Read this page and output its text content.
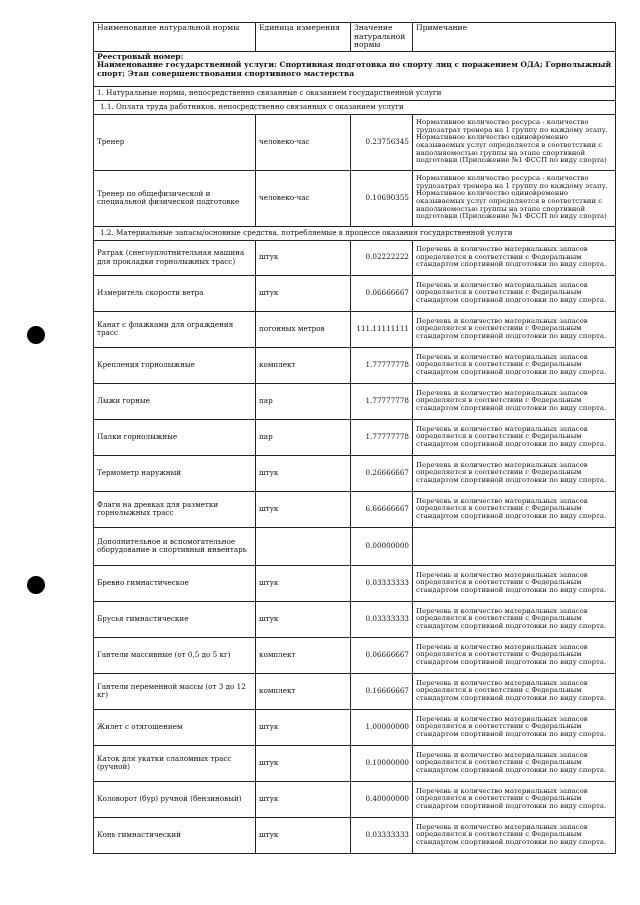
Наименование натуральной нормы	Единица измерения	Значение натуральной нормы	Примечание

Реестровый номер:
Наименование государственной услуги: Спортивная подготовка по спорту лиц с поражением ОДА; Горнолыжный спорт; Этап совершенствования спортивного мастерства			

1. Натуральные нормы, непосредственно связанные с оказанием государственной услуги			
1.1. Оплата труда работников, непосредственно связанных с оказанием услуги			
Тренер	человеко-час	0.23756345	Нормативное количество ресурса - количество трудозатрат тренера на 1 группу по каждому этапу. Нормативное количество единовременно оказываемых услуг определяется в соответствии с наполняемостью группы на этапе спортивной подготовки (Приложение №1 ФССП по виду спорта)
Тренер по общефизической и специальной физической подготовке	человеко-час	0.10690355	Нормативное количество ресурса - количество трудозатрат тренера на 1 группу по каждому этапу. Нормативное количество единовременно оказываемых услуг определяется в соответствии с наполняемостью группы на этапе спортивной подготовки (Приложение №1 ФССП по виду спорта)
1.2. Материальные запасы/основные средства, потребляемые в процессе оказания государственной услуги			
Ратрак (снегоуплотнительная машина для прокладки горнолыжных трасс)	штук	0.02222222	Перечень и количество материальных запасов определяется в соответствии с Федеральным стандартом спортивной подготовки по виду спорта.
Измеритель скорости ветра	штук	0.06666667	Перечень и количество материальных запасов определяется в соответствии с Федеральным стандартом спортивной подготовки по виду спорта.
Канат с флажками для ограждения трасс	погонных метров	111.11111111	Перечень и количество материальных запасов определяется в соответствии с Федеральным стандартом спортивной подготовки по виду спорта.
Крепления горнолыжные	комплект	1.77777778	Перечень и количество материальных запасов определяется в соответствии с Федеральным стандартом спортивной подготовки по виду спорта.
Лыжи горные	пар	1.77777778	Перечень и количество материальных запасов определяется в соответствии с Федеральным стандартом спортивной подготовки по виду спорта.
Палки горнолыжные	пар	1.77777778	Перечень и количество материальных запасов определяется в соответствии с Федеральным стандартом спортивной подготовки по виду спорта.
Термометр наружный	штук	0.26666667	Перечень и количество материальных запасов определяется в соответствии с Федеральным стандартом спортивной подготовки по виду спорта.
Флаги на древках для разметки горнолыжных трасс	штук	6.66666667	Перечень и количество материальных запасов определяется в соответствии с Федеральным стандартом спортивной подготовки по виду спорта.
Дополнительное и вспомогательное оборудование и спортивный инвентарь		0.00000000	
Бревно гимнастическое	штук	0.03333333	Перечень и количество материальных запасов определяется в соответствии с Федеральным стандартом спортивной подготовки по виду спорта.
Брусья гимнастические	штук	0.03333333	Перечень и количество материальных запасов определяется в соответствии с Федеральным стандартом спортивной подготовки по виду спорта.
Гантели массивные (от 0,5 до 5 кг)	комплект	0.06666667	Перечень и количество материальных запасов определяется в соответствии с Федеральным стандартом спортивной подготовки по виду спорта.
Гантели переменной массы (от 3 до 12 кг)	комплект	0.16666667	Перечень и количество материальных запасов определяется в соответствии с Федеральным стандартом спортивной подготовки по виду спорта.
Жилет с отягощением	штук	1.00000000	Перечень и количество материальных запасов определяется в соответствии с Федеральным стандартом спортивной подготовки по виду спорта.
Каток для укатки слаломных трасс (ручной)	штук	0.10000000	Перечень и количество материальных запасов определяется в соответствии с Федеральным стандартом спортивной подготовки по виду спорта.
Коловорот (бур) ручной (бензиновый)	штук	0.40000000	Перечень и количество материальных запасов определяется в соответствии с Федеральным стандартом спортивной подготовки по виду спорта.
Конь гимнастический	штук	0.03333333	Перечень и количество материальных запасов определяется в соответствии с Федеральным стандартом спортивной подготовки по виду спорта.
